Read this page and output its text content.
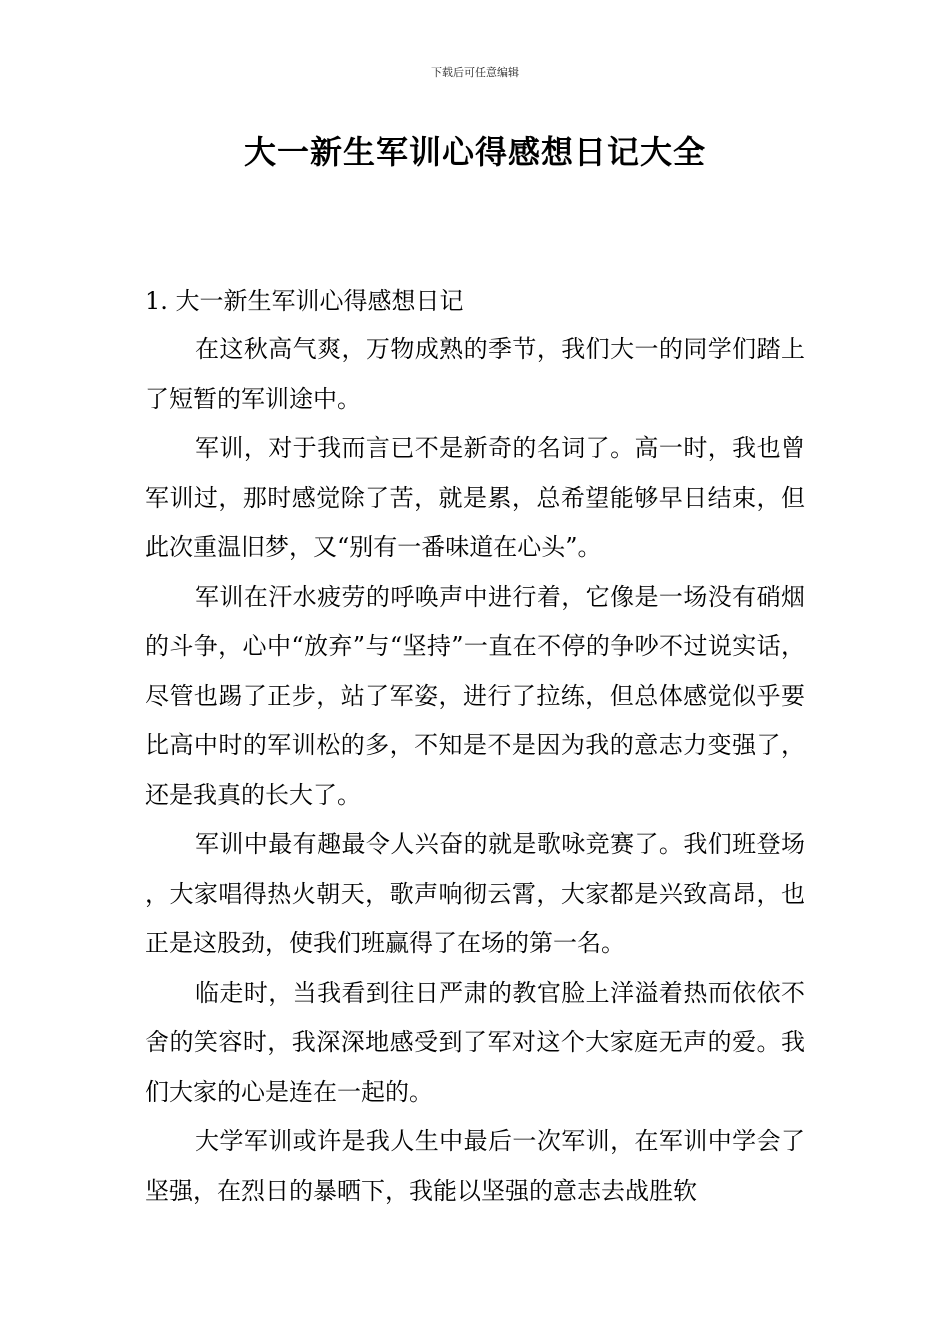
下载后可任意编辑
大一新生军训心得感想日记大全

1. 大一新生军训心得感想日记

在这秋高气爽，万物成熟的季节，我们大一的同学们踏上了短暂的军训途中。

军训，对于我而言已不是新奇的名词了。高一时，我也曾军训过，那时感觉除了苦，就是累，总希望能够早日结束，但此次重温旧梦，又“别有一番味道在心头”。

军训在汗水疲劳的呼唤声中进行着，它像是一场没有硝烟的斗争，心中“放弃”与“坚持”一直在不停的争吵不过说实话，尽管也踢了正步，站了军姿，进行了拉练，但总体感觉似乎要比高中时的军训松的多，不知是不是因为我的意志力变强了，还是我真的长大了。

军训中最有趣最令人兴奋的就是歌咏竞赛了。我们班登场，大家唱得热火朝天，歌声响彻云霄，大家都是兴致高昂，也正是这股劲，使我们班赢得了在场的第一名。

临走时，当我看到往日严肃的教官脸上洋溢着热而依依不舍的笑容时，我深深地感受到了军对这个大家庭无声的爱。我们大家的心是连在一起的。

大学军训或许是我人生中最后一次军训，在军训中学会了坚强，在烈日的暴晒下，我能以坚强的意志去战胜软
